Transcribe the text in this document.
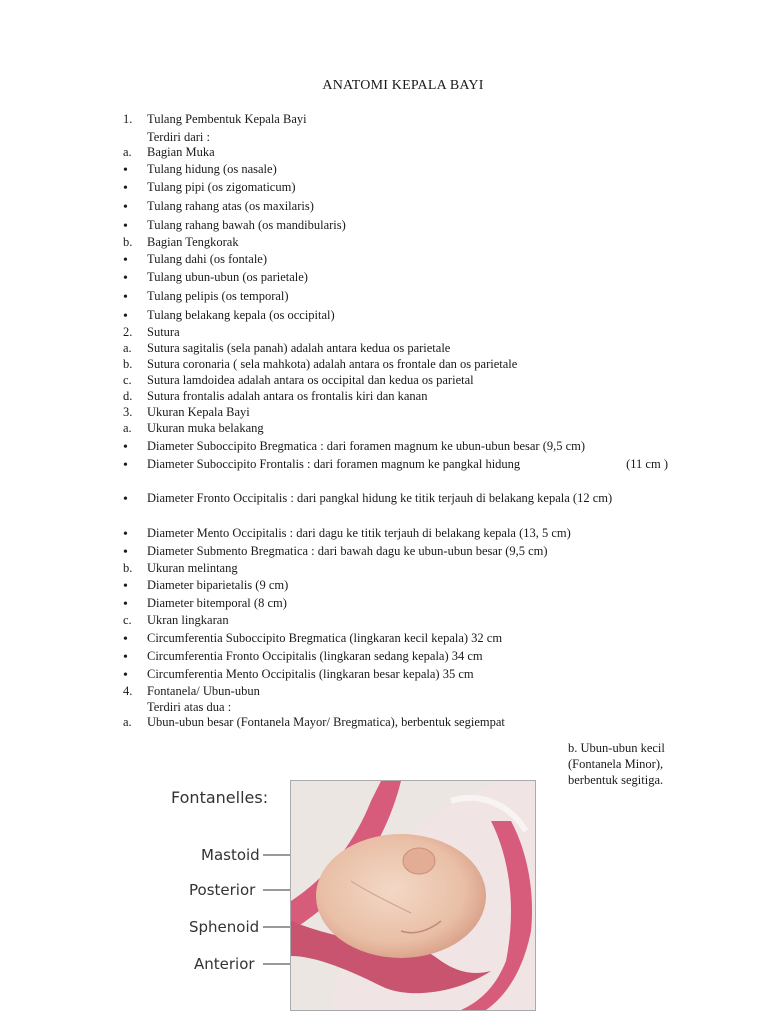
ANATOMI KEPALA BAYI
1.	Tulang Pembentuk Kepala Bayi
Terdiri dari :
a.	Bagian Muka
•	Tulang hidung (os nasale)
•	Tulang pipi (os zigomaticum)
•	Tulang rahang atas (os maxilaris)
•	Tulang rahang bawah (os mandibularis)
b.	Bagian Tengkorak
•	Tulang dahi (os fontale)
•	Tulang ubun-ubun (os parietale)
•	Tulang pelipis (os temporal)
•	Tulang belakang kepala (os occipital)
2.	Sutura
a.	Sutura sagitalis (sela panah) adalah antara kedua os parietale
b.	Sutura coronaria ( sela mahkota) adalah antara os frontale dan os parietale
c.	Sutura lamdoidea adalah antara os occipital dan kedua os parietal
d.	Sutura frontalis adalah antara os frontalis kiri dan kanan
3.	Ukuran Kepala Bayi
a.	Ukuran muka belakang
•	Diameter Suboccipito Bregmatica : dari foramen magnum ke ubun-ubun besar (9,5 cm)
•	Diameter Suboccipito Frontalis : dari foramen magnum ke pangkal hidung	(11 cm )
•	Diameter Fronto Occipitalis : dari pangkal hidung ke titik terjauh di belakang kepala (12 cm)
•	Diameter Mento Occipitalis : dari dagu ke titik terjauh di belakang kepala (13, 5 cm)
•	Diameter Submento Bregmatica : dari bawah dagu ke ubun-ubun besar (9,5 cm)
b.	Ukuran melintang
•	Diameter biparietalis (9 cm)
•	Diameter bitemporal (8 cm)
c.	Ukran lingkaran
•	Circumferentia Suboccipito Bregmatica (lingkaran kecil kepala) 32 cm
•	Circumferentia Fronto Occipitalis (lingkaran sedang kepala) 34 cm
•	Circumferentia Mento Occipitalis (lingkaran besar kepala) 35 cm
4.	Fontanela/ Ubun-ubun
Terdiri atas dua :
a.	Ubun-ubun besar (Fontanela Mayor/ Bregmatica), berbentuk segiempat
b. Ubun-ubun kecil (Fontanela Minor), berbentuk segitiga.
Fontanelles:
Mastoid
Posterior
Sphenoid
Anterior
